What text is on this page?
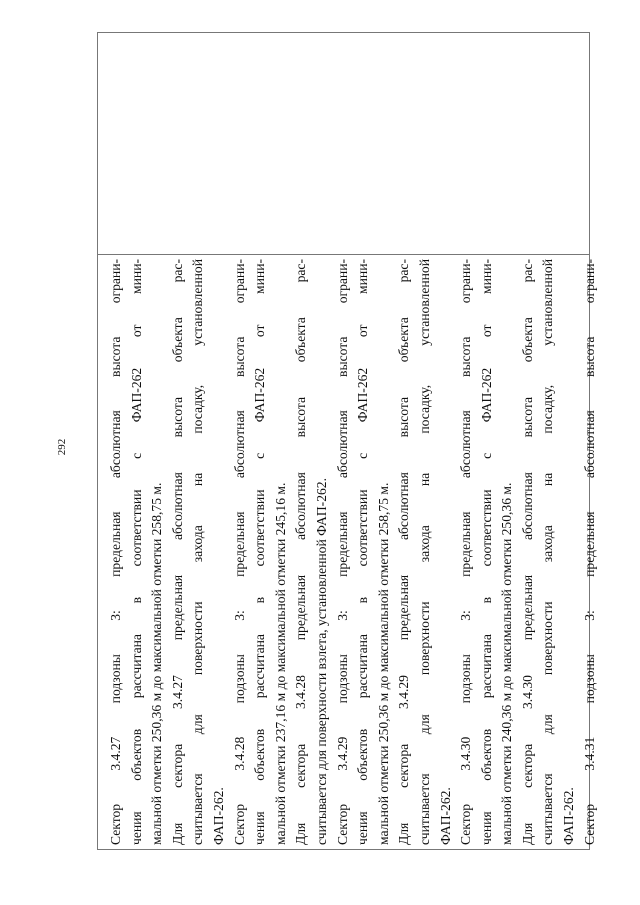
292	Сектор 3.4.27 подзоны 3: предельная абсолютная высота ограни- чения объектов рассчитана в соответствии с ФАП-262 от мини- мальной отметки 250,36 м до максимальной отметки 258,75 м. Для сектора 3.4.27 предельная абсолютная высота объекта рас- считывается для поверхности захода на посадку, установленной ФАП-262. Сектор 3.4.28 подзоны 3: предельная абсолютная высота ограни- чения объектов рассчитана в соответствии с ФАП-262 от мини- мальной отметки 237,16 м до максимальной отметки 245,16 м. Для сектора 3.4.28 предельная абсолютная высота объекта рас- считывается для поверхности взлета, установленной ФАП-262. Сектор 3.4.29 подзоны 3: предельная абсолютная высота ограни- чения объектов рассчитана в соответствии с ФАП-262 от мини- мальной отметки 250,36 м до максимальной отметки 258,75 м. Для сектора 3.4.29 предельная абсолютная высота объекта рас- считывается для поверхности захода на посадку, установленной ФАП-262. Сектор 3.4.30 подзоны 3: предельная абсолютная высота ограни- чения объектов рассчитана в соответствии с ФАП-262 от мини- мальной отметки 240,36 м до максимальной отметки 250,36 м. Для сектора 3.4.30 предельная абсолютная высота объекта рас- считывается для поверхности захода на посадку, установленной ФАП-262. Сектор 3.4.31 подзоны 3: предельная абсолютная высота ограни-
